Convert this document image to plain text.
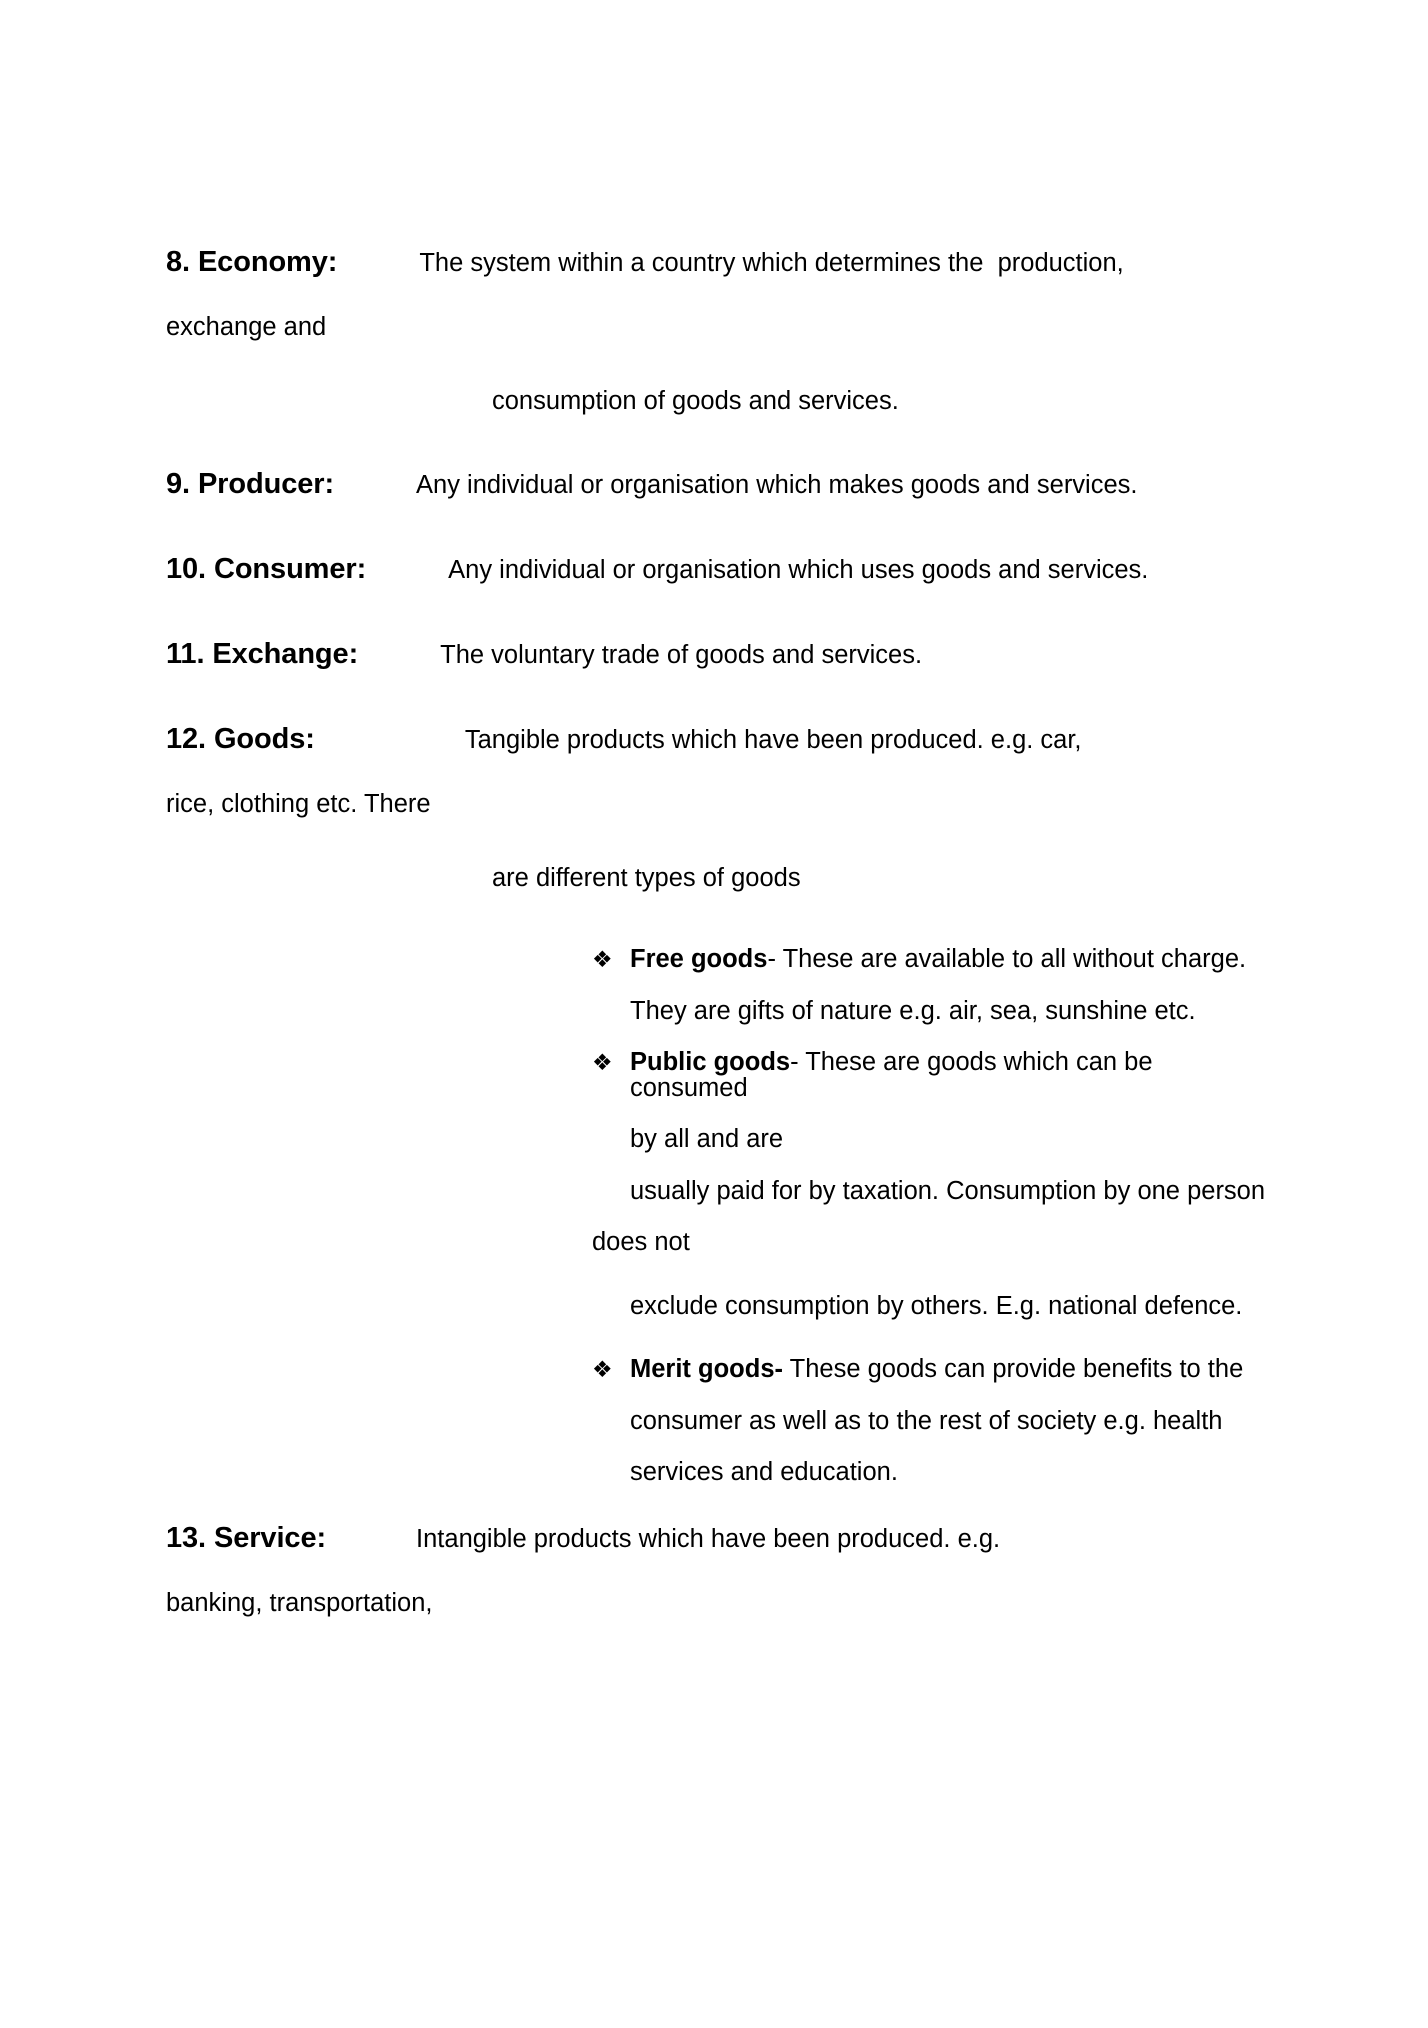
8. Economy:	The system within a country which determines the  production,
exchange and
consumption of goods and services.
9. Producer:	Any individual or organisation which makes goods and services.
10. Consumer:	Any individual or organisation which uses goods and services.
11. Exchange:	The voluntary trade of goods and services.
12. Goods:	Tangible products which have been produced. e.g. car,
rice, clothing etc. There
are different types of goods
❖ Free goods- These are available to all without charge.
They are gifts of nature e.g. air, sea, sunshine etc.
❖ Public goods- These are goods which can be consumed
by all and are
usually paid for by taxation. Consumption by one person
does not
exclude consumption by others. E.g. national defence.
❖ Merit goods- These goods can provide benefits to the
consumer as well as to the rest of society e.g. health
services and education.
13. Service:	Intangible products which have been produced. e.g.
banking, transportation,
